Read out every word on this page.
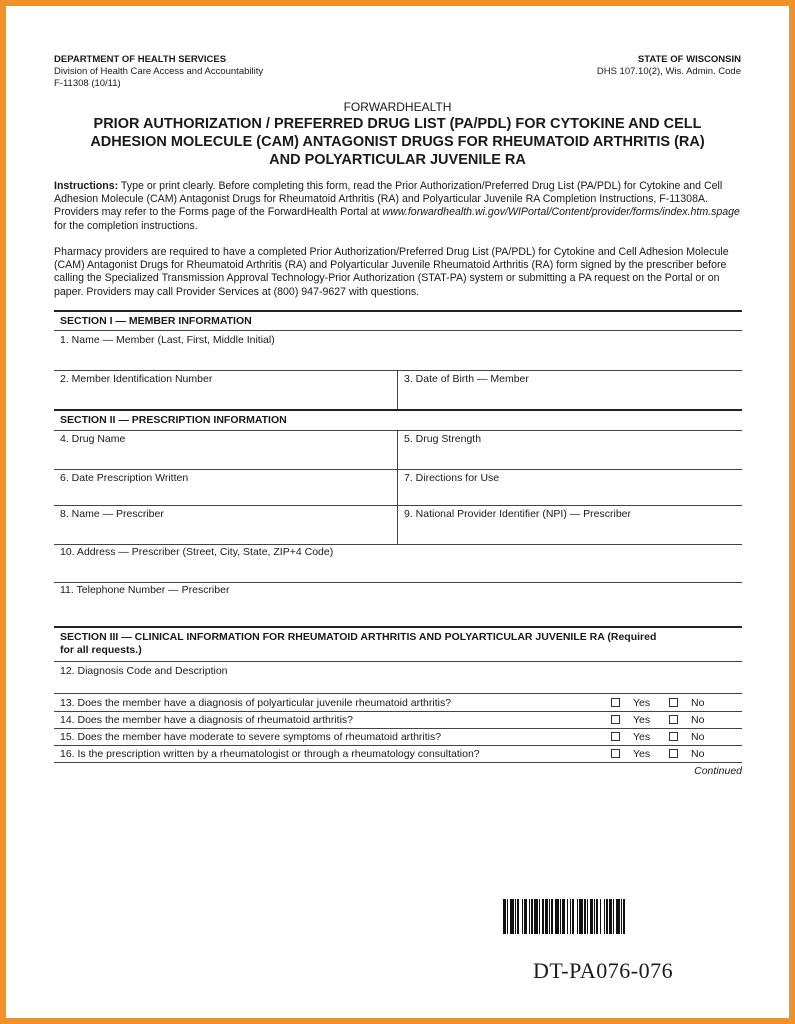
DEPARTMENT OF HEALTH SERVICES
Division of Health Care Access and Accountability
F-11308 (10/11)
STATE OF WISCONSIN
DHS 107.10(2), Wis. Admin. Code
FORWARDHEALTH
PRIOR AUTHORIZATION / PREFERRED DRUG LIST (PA/PDL) FOR CYTOKINE AND CELL
ADHESION MOLECULE (CAM) ANTAGONIST DRUGS FOR RHEUMATOID ARTHRITIS (RA)
AND POLYARTICULAR JUVENILE RA
Instructions: Type or print clearly. Before completing this form, read the Prior Authorization/Preferred Drug List (PA/PDL) for Cytokine and Cell Adhesion Molecule (CAM) Antagonist Drugs for Rheumatoid Arthritis (RA) and Polyarticular Juvenile RA Completion Instructions, F-11308A. Providers may refer to the Forms page of the ForwardHealth Portal at www.forwardhealth.wi.gov/WIPortal/Content/provider/forms/index.htm.spage for the completion instructions.
Pharmacy providers are required to have a completed Prior Authorization/Preferred Drug List (PA/PDL) for Cytokine and Cell Adhesion Molecule (CAM) Antagonist Drugs for Rheumatoid Arthritis (RA) and Polyarticular Juvenile Rheumatoid Arthritis (RA) form signed by the prescriber before calling the Specialized Transmission Approval Technology-Prior Authorization (STAT-PA) system or submitting a PA request on the Portal or on paper. Providers may call Provider Services at (800) 947-9627 with questions.
SECTION I — MEMBER INFORMATION
1. Name — Member (Last, First, Middle Initial)
2. Member Identification Number	3. Date of Birth — Member
SECTION II — PRESCRIPTION INFORMATION
4. Drug Name	5. Drug Strength
6. Date Prescription Written	7. Directions for Use
8. Name — Prescriber	9. National Provider Identifier (NPI) — Prescriber
10. Address — Prescriber (Street, City, State, ZIP+4 Code)
11. Telephone Number — Prescriber
SECTION III — CLINICAL INFORMATION FOR RHEUMATOID ARTHRITIS AND POLYARTICULAR JUVENILE RA (Required
for all requests.)
12. Diagnosis Code and Description
13. Does the member have a diagnosis of polyarticular juvenile rheumatoid arthritis?	Yes	No
14. Does the member have a diagnosis of rheumatoid arthritis?	Yes	No
15. Does the member have moderate to severe symptoms of rheumatoid arthritis?	Yes	No
16. Is the prescription written by a rheumatologist or through a rheumatology consultation?	Yes	No
Continued
DT-PA076-076
